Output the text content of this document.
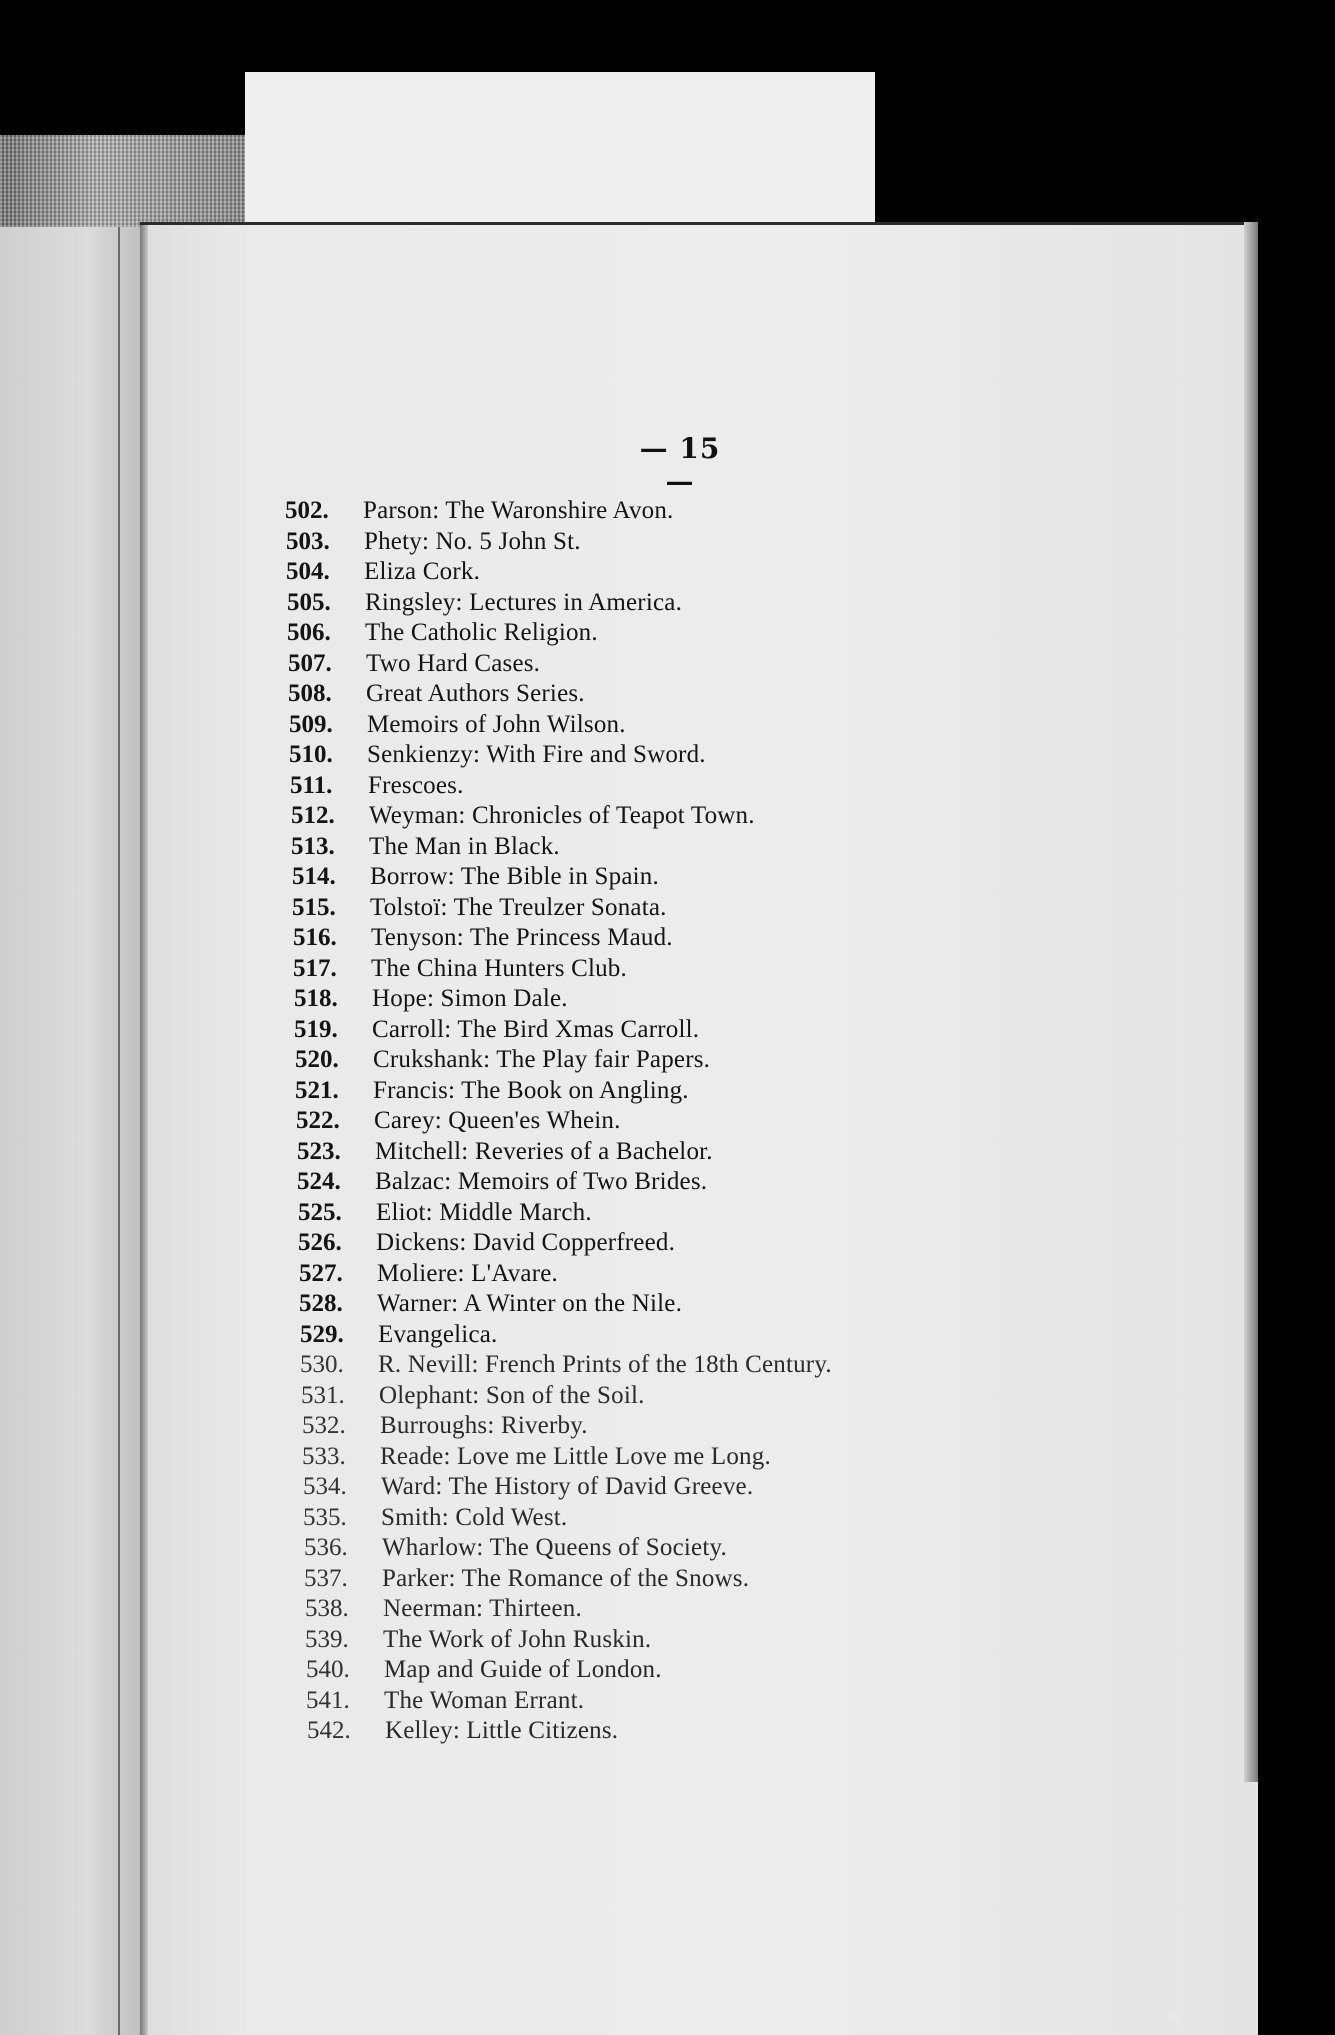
— 15 —
502.	Parson: The Waronshire Avon.
503.	Phety: No. 5 John St.
504.	Eliza Cork.
505.	Ringsley: Lectures in America.
506.	The Catholic Religion.
507.	Two Hard Cases.
508.	Great Authors Series.
509.	Memoirs of John Wilson.
510.	Senkienzy: With Fire and Sword.
511.	Frescoes.
512.	Weyman: Chronicles of Teapot Town.
513.	The Man in Black.
514.	Borrow: The Bible in Spain.
515.	Tolstoï: The Treulzer Sonata.
516.	Tenyson: The Princess Maud.
517.	The China Hunters Club.
518.	Hope: Simon Dale.
519.	Carroll: The Bird Xmas Carroll.
520.	Crukshank: The Play fair Papers.
521.	Francis: The Book on Angling.
522.	Carey: Queen'es Whein.
523.	Mitchell: Reveries of a Bachelor.
524.	Balzac: Memoirs of Two Brides.
525.	Eliot: Middle March.
526.	Dickens: David Copperfreed.
527.	Moliere: L'Avare.
528.	Warner: A Winter on the Nile.
529.	Evangelica.
530.	R. Nevill: French Prints of the 18th Century.
531.	Olephant: Son of the Soil.
532.	Burroughs: Riverby.
533.	Reade: Love me Little Love me Long.
534.	Ward: The History of David Greeve.
535.	Smith: Cold West.
536.	Wharlow: The Queens of Society.
537.	Parker: The Romance of the Snows.
538.	Neerman: Thirteen.
539.	The Work of John Ruskin.
540.	Map and Guide of London.
541.	The Woman Errant.
542.	Kelley: Little Citizens.
